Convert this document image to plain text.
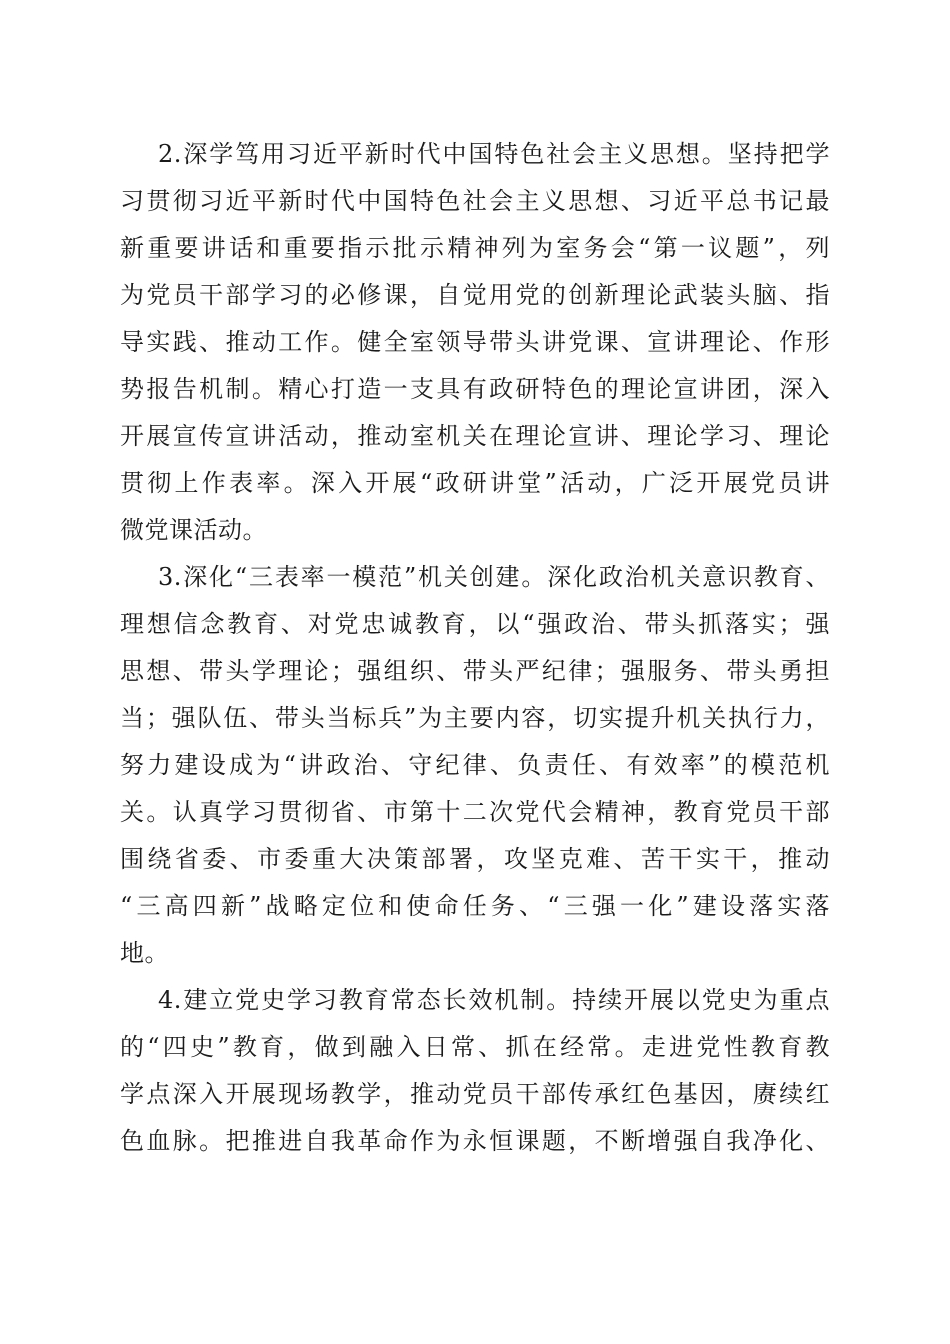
2.深学笃用习近平新时代中国特色社会主义思想。坚持把学
习贯彻习近平新时代中国特色社会主义思想、习近平总书记最
新重要讲话和重要指示批示精神列为室务会“第一议题”，列
为党员干部学习的必修课，自觉用党的创新理论武装头脑、指
导实践、推动工作。健全室领导带头讲党课、宣讲理论、作形
势报告机制。精心打造一支具有政研特色的理论宣讲团，深入
开展宣传宣讲活动，推动室机关在理论宣讲、理论学习、理论
贯彻上作表率。深入开展“政研讲堂”活动，广泛开展党员讲
微党课活动。
3.深化“三表率一模范”机关创建。深化政治机关意识教育、
理想信念教育、对党忠诚教育，以“强政治、带头抓落实；强
思想、带头学理论；强组织、带头严纪律；强服务、带头勇担
当；强队伍、带头当标兵”为主要内容，切实提升机关执行力，
努力建设成为“讲政治、守纪律、负责任、有效率”的模范机
关。认真学习贯彻省、市第十二次党代会精神，教育党员干部
围绕省委、市委重大决策部署，攻坚克难、苦干实干，推动
“三高四新”战略定位和使命任务、“三强一化”建设落实落
地。
4.建立党史学习教育常态长效机制。持续开展以党史为重点
的“四史”教育，做到融入日常、抓在经常。走进党性教育教
学点深入开展现场教学，推动党员干部传承红色基因，赓续红
色血脉。把推进自我革命作为永恒课题，不断增强自我净化、
